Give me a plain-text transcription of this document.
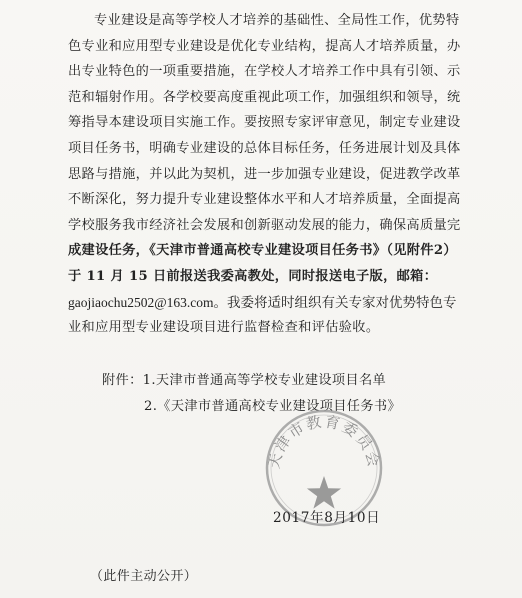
专业建设是高等学校人才培养的基础性、全局性工作，优势特
色专业和应用型专业建设是优化专业结构，提高人才培养质量，办
出专业特色的一项重要措施，在学校人才培养工作中具有引领、示
范和辐射作用。各学校要高度重视此项工作，加强组织和领导，统
筹指导本建设项目实施工作。要按照专家评审意见，制定专业建设
项目任务书，明确专业建设的总体目标任务，任务进展计划及具体
思路与措施，并以此为契机，进一步加强专业建设，促进教学改革
不断深化，努力提升专业建设整体水平和人才培养质量，全面提高
学校服务我市经济社会发展和创新驱动发展的能力，确保高质量完
成建设任务，《天津市普通高校专业建设项目任务书》（见附件2）
于 11 月 15 日前报送我委高教处，同时报送电子版，邮箱：
gaojiaochu2502@163.com。我委将适时组织有关专家对优势特色专
业和应用型专业建设项目进行监督检查和评估验收。
附件：1.天津市普通高等学校专业建设项目名单
2.《天津市普通高校专业建设项目任务书》
天津市教育委员会
2017年8月10日
（此件主动公开）
